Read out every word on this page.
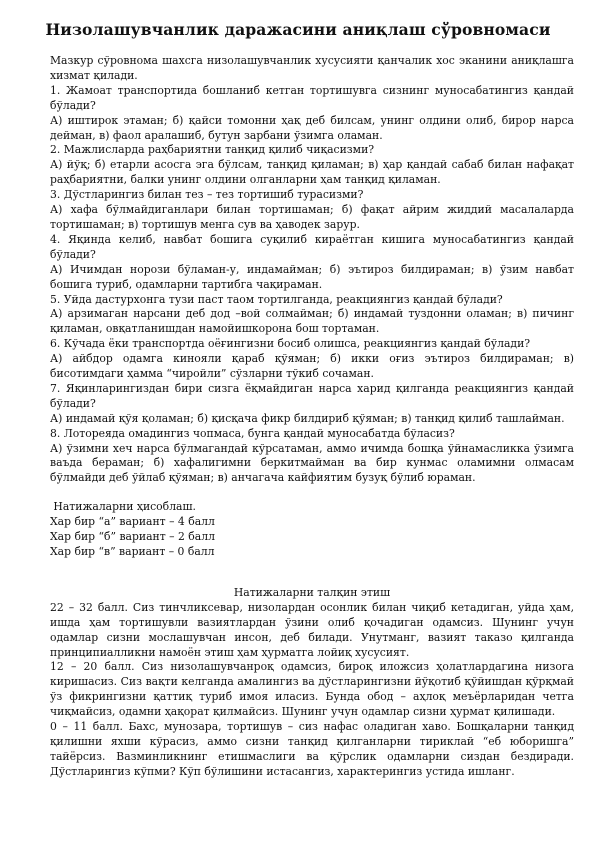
Низолашувчанлик даражасини аниқлаш сўровномаси

Мазкур сўровнома шахсга низолашувчанлик хусусияти қанчалик хос эканини аниқлашга хизмат қилади.

1. Жамоат транспортида бошланиб кетган тортишувга сизнинг муносабатингиз қандай бўлади?

А) иштирок этаман; б) қайси томонни ҳақ деб билсам, унинг олдини олиб, бирор нарса деймaн, в) фаол аралашиб, бутун зарбани ўзимга оламан.

2. Мажлисларда раҳбариятни танқид қилиб чиқасизми?

А) йўқ; б) етарли асосга эга бўлсам, танқид қиламан; в) ҳар қандай сабаб билан нафақат раҳбариятни, балки унинг олдини олганларни ҳам танқид қиламан.

3. Дўстларингиз билан тез – тез тортишиб турасизми?

А) хафа бўлмайдиганлари билан тортишаман; б) фақат айрим жиддий масалаларда тортишаман; в) тортишув менга сув ва ҳаводек зарур.

4. Яқинда келиб, навбат бошига суқилиб кираётган кишига муносабатингиз қандай бўлади?

А) Ичимдан норози бўламан-у, индамайман; б) эътироз билдираман; в) ўзим навбат бошига туриб, одамларни тартибга чақираман.

5. Уйда дастурхонга тузи паст таом тортилганда, реакциянгиз қандай бўлади?

А) арзимаган нарсани деб дод –вой солмайман; б) индамай туздонни оламан; в) пичинг қиламан, овқатланишдан намойишкорона бош тортаман.

6. Кўчада ёки транспортда оёғингизни босиб олишса, реакциянгиз қандай бўлади?

А) айбдор одамга кинояли қараб қўяман; б) икки оғиз эътироз билдираман; в) бисотимдаги ҳамма “чиройли” сўзларни тўкиб сочаман.

7. Яқинларингиздан бири сизга ёқмайдиган нарса харид қилганда реакциянгиз қандай бўлади?

А) индамай қўя қоламан; б) қисқача фикр билдириб қўяман; в) танқид қилиб ташлайман.

8. Лотореяда омадингиз чопмаса, бунга қандай муносабатда бўласиз?

А) ўзимни хеч нарса бўлмагандай кўрсатаман, аммо ичимда бошқа ўйнамасликка ўзимга ваъда бераман; б) хафалигимни беркитмайман ва бир кунмас оламимни олмасам бўлмайди деб ўйлаб қўяман; в) анчагача кайфиятим бузуқ бўлиб юраман.

Натижаларни ҳисоблаш.

Хар бир “а” вариант – 4 балл

Хар бир “б” вариант – 2 балл

Хар бир “в” вариант – 0 балл

Натижаларни талқин этиш

22 – 32 балл. Сиз тинчликсевар, низолардан осонлик билан чиқиб кетадиган, уйда ҳам, ишда ҳам тортишувли вазиятлардан ўзини олиб қочадиган одамсиз. Шунинг учун одамлар сизни мослашувчан инсон, деб билади. Унутманг, вазият таказо қилганда принципиалликни намоён этиш ҳам ҳурматга лойиқ хусусият.

12 – 20 балл. Сиз низолашувчанроқ одамсиз, бироқ иложсиз ҳолатлардагина низога киришасиз. Сиз вақти келганда амалингиз ва дўстларингизни йўқотиб қўйишдан қўрқмай ўз фикрингизни қаттиқ туриб имоя иласиз. Бунда обод – аҳлоқ меъёрларидан четга чиқмайсиз, одамни ҳақорат қилмайсиз. Шунинг учун одамлар сизни ҳурмат қилишади.

0 – 11 балл. Бахс, мунозара, тортишув – сиз нафас оладиган хаво. Бошқаларни танқид қилишни яхши кўрасиз, аммо сизни танқид қилганларни тириклай “еб юборишга” тайёрсиз. Вазминликнинг етишмаслиги ва қўрслик одамларни сиздан бездиради. Дўстларингиз кўпми? Кўп бўлишини истасангиз, характерингиз устида ишланг.
